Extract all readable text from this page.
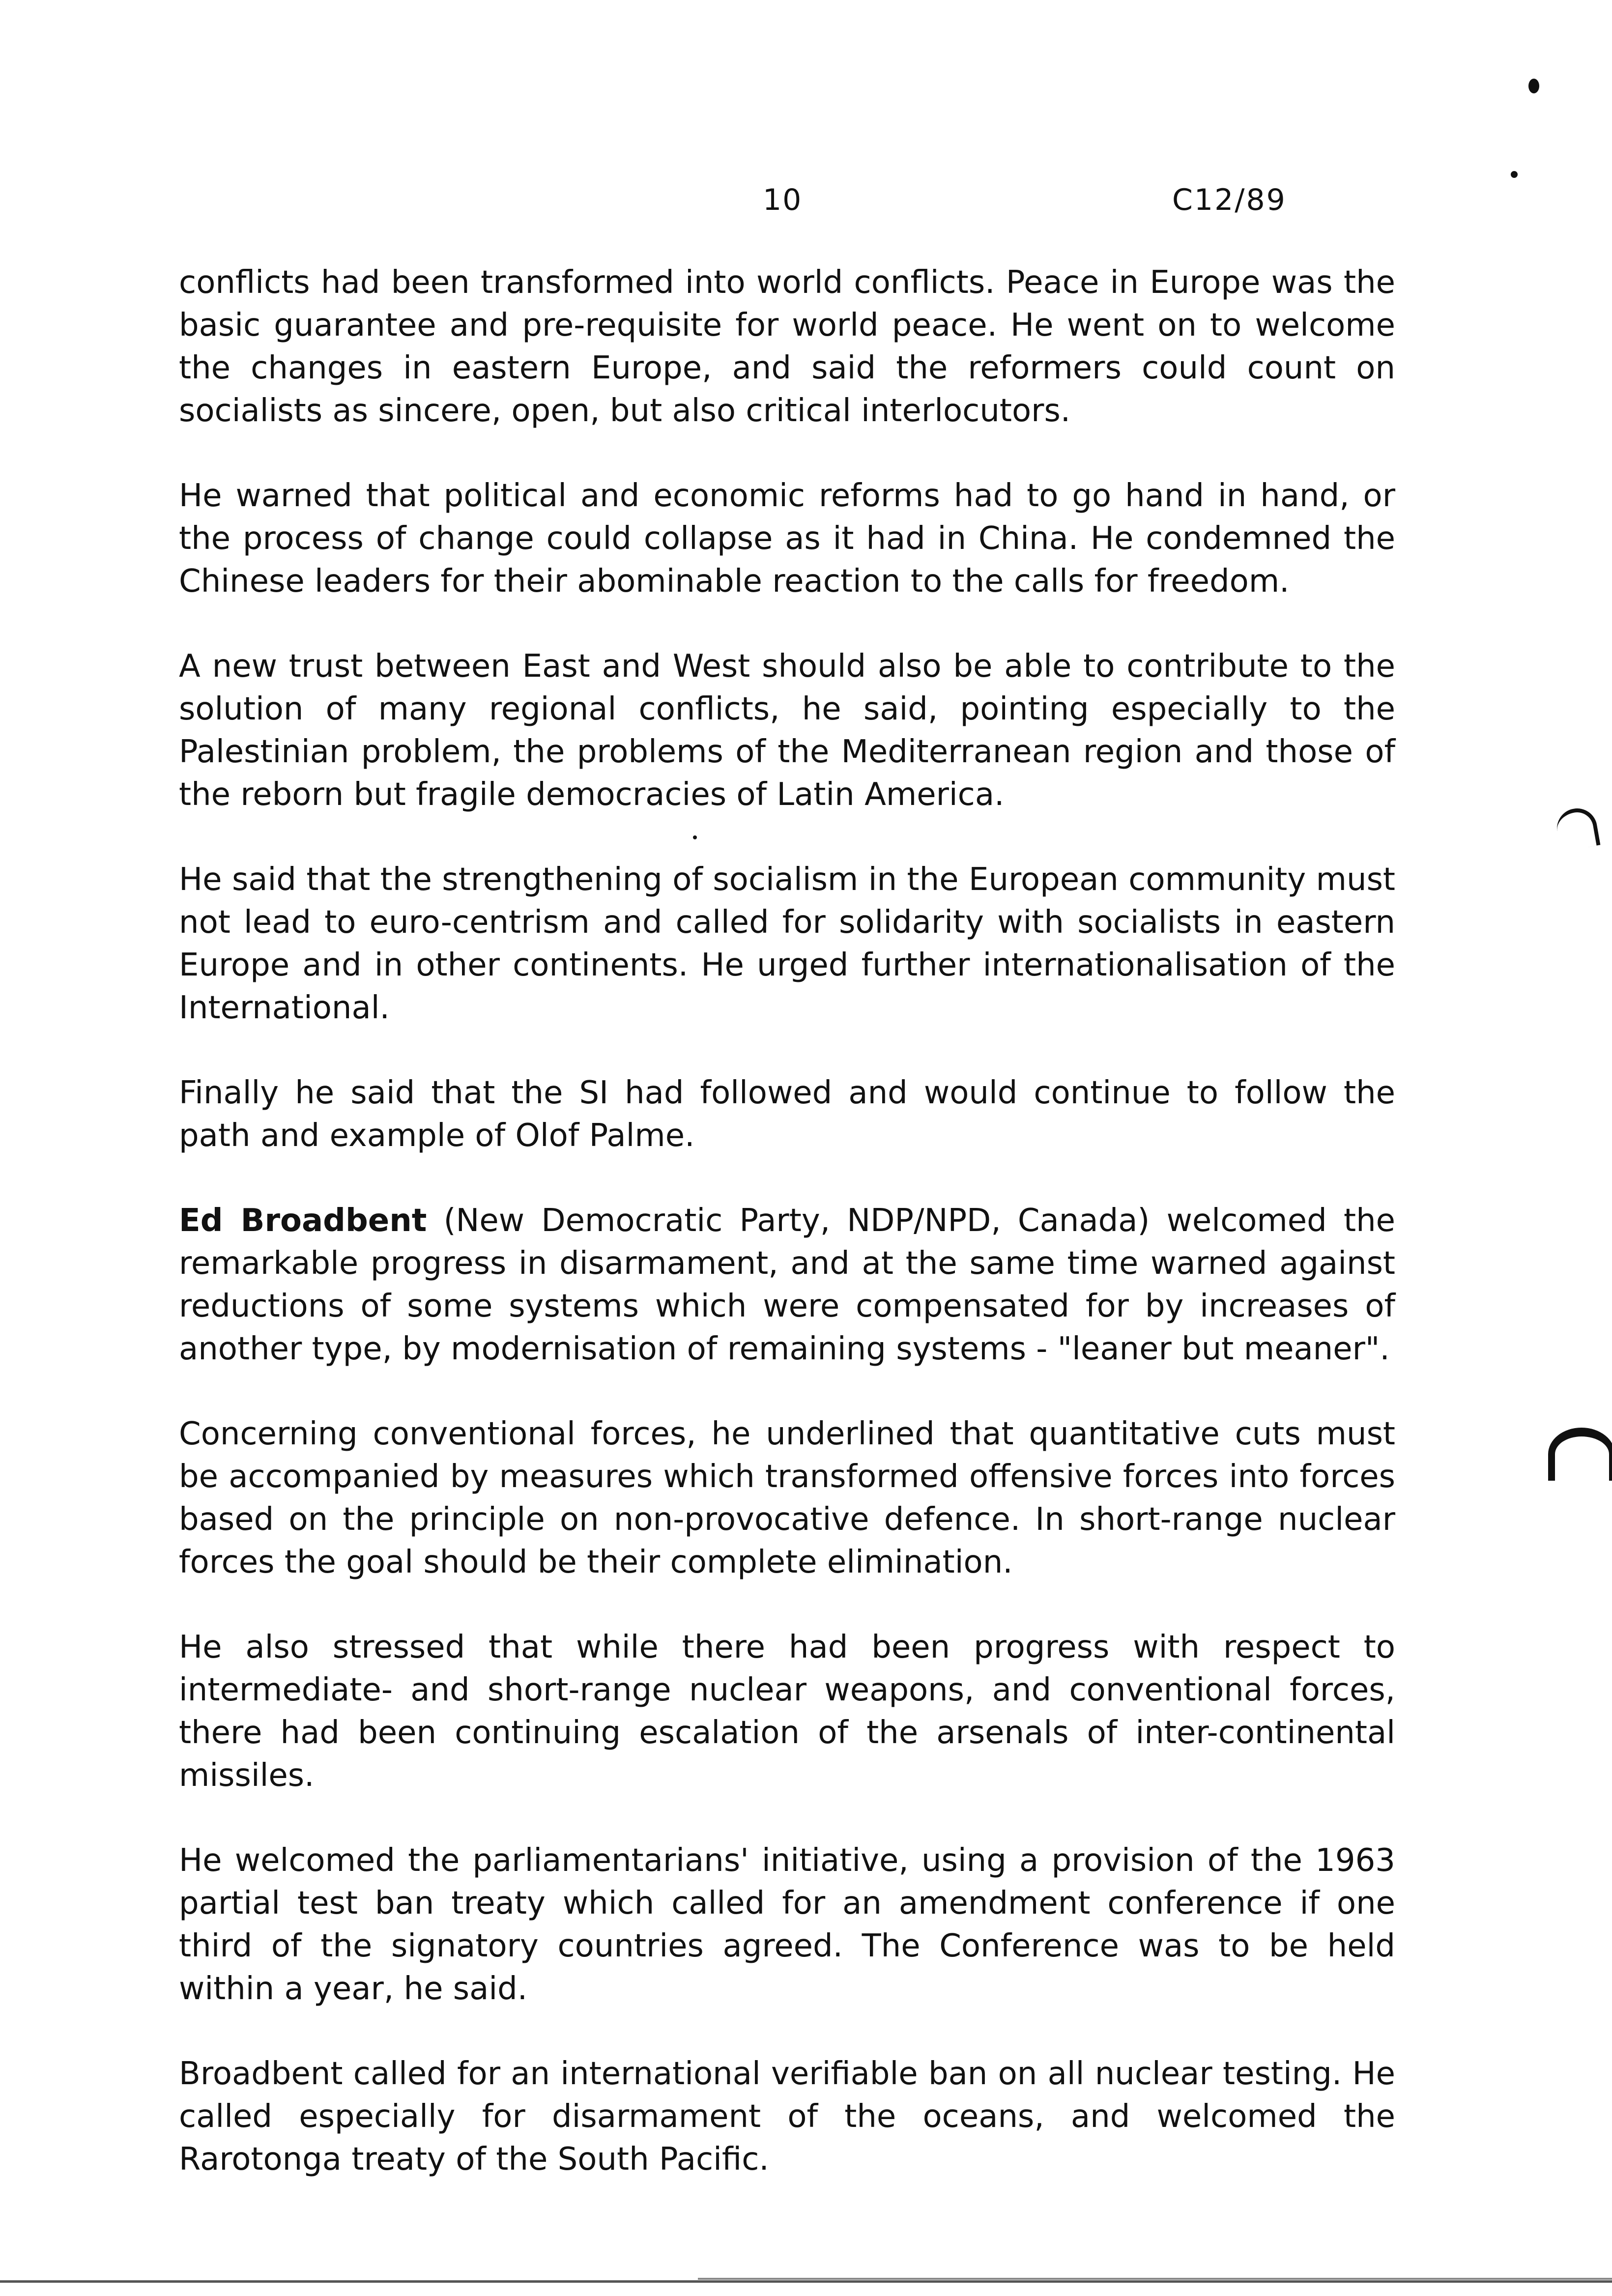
10	C12/89

conflicts had been transformed into world conflicts. Peace in Europe was the basic guarantee and pre-requisite for world peace. He went on to welcome the changes in eastern Europe, and said the reformers could count on socialists as sincere, open, but also critical interlocutors.

He warned that political and economic reforms had to go hand in hand, or the process of change could collapse as it had in China. He condemned the Chinese leaders for their abominable reaction to the calls for freedom.

A new trust between East and West should also be able to contribute to the solution of many regional conflicts, he said, pointing especially to the Palestinian problem, the problems of the Mediterranean region and those of the reborn but fragile democracies of Latin America.

He said that the strengthening of socialism in the European community must not lead to euro-centrism and called for solidarity with socialists in eastern Europe and in other continents. He urged further internationalisation of the International.

Finally he said that the SI had followed and would continue to follow the path and example of Olof Palme.

Ed Broadbent (New Democratic Party, NDP/NPD, Canada) welcomed the remarkable progress in disarmament, and at the same time warned against reductions of some systems which were compensated for by increases of another type, by modernisation of remaining systems - "leaner but meaner".

Concerning conventional forces, he underlined that quantitative cuts must be accompanied by measures which transformed offensive forces into forces based on the principle on non-provocative defence. In short-range nuclear forces the goal should be their complete elimination.

He also stressed that while there had been progress with respect to intermediate- and short-range nuclear weapons, and conventional forces, there had been continuing escalation of the arsenals of inter-continental missiles.

He welcomed the parliamentarians' initiative, using a provision of the 1963 partial test ban treaty which called for an amendment conference if one third of the signatory countries agreed. The Conference was to be held within a year, he said.

Broadbent called for an international verifiable ban on all nuclear testing. He called especially for disarmament of the oceans, and welcomed the Rarotonga treaty of the South Pacific.
